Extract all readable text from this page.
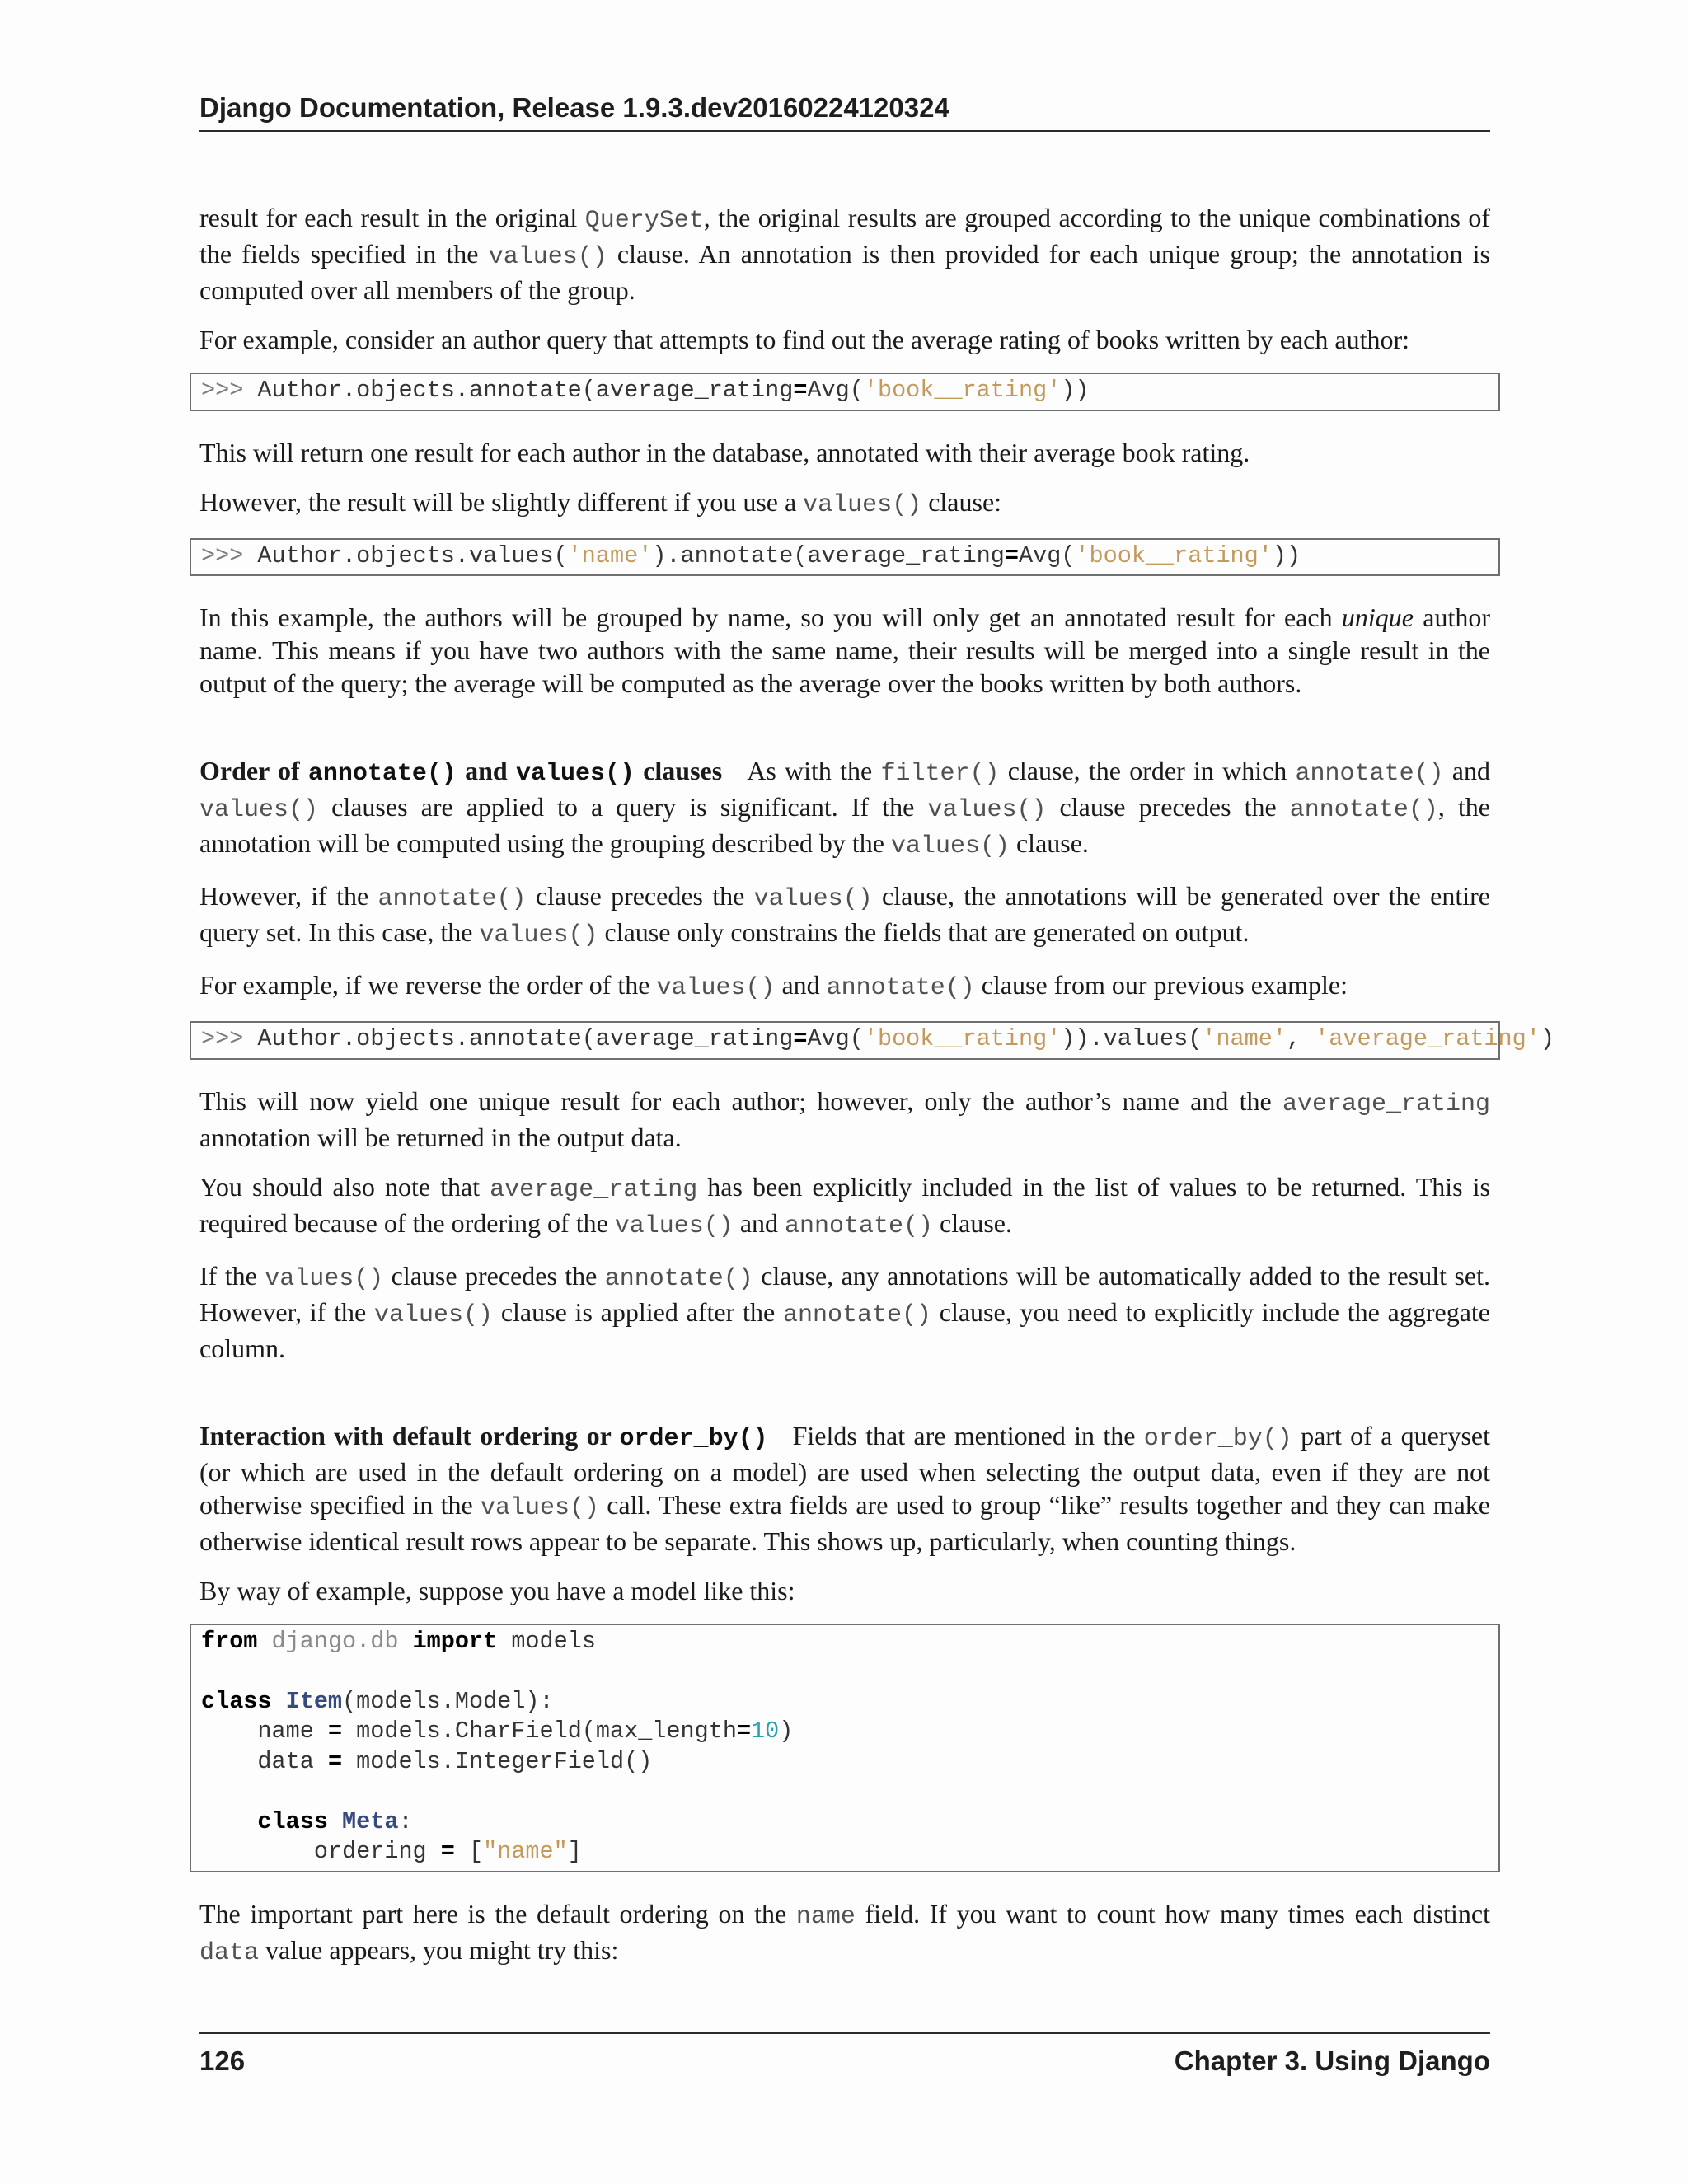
Django Documentation, Release 1.9.3.dev20160224120324

result for each result in the original QuerySet, the original results are grouped according to the unique combinations of the fields specified in the values() clause. An annotation is then provided for each unique group; the annotation is computed over all members of the group.

For example, consider an author query that attempts to find out the average rating of books written by each author:

>>> Author.objects.annotate(average_rating=Avg('book__rating'))

This will return one result for each author in the database, annotated with their average book rating.

However, the result will be slightly different if you use a values() clause:

>>> Author.objects.values('name').annotate(average_rating=Avg('book__rating'))

In this example, the authors will be grouped by name, so you will only get an annotated result for each unique author name. This means if you have two authors with the same name, their results will be merged into a single result in the output of the query; the average will be computed as the average over the books written by both authors.

Order of annotate() and values() clauses As with the filter() clause, the order in which annotate() and values() clauses are applied to a query is significant. If the values() clause precedes the annotate(), the annotation will be computed using the grouping described by the values() clause.

However, if the annotate() clause precedes the values() clause, the annotations will be generated over the entire query set. In this case, the values() clause only constrains the fields that are generated on output.

For example, if we reverse the order of the values() and annotate() clause from our previous example:

>>> Author.objects.annotate(average_rating=Avg('book__rating')).values('name', 'average_rating')

This will now yield one unique result for each author; however, only the author’s name and the average_rating annotation will be returned in the output data.

You should also note that average_rating has been explicitly included in the list of values to be returned. This is required because of the ordering of the values() and annotate() clause.

If the values() clause precedes the annotate() clause, any annotations will be automatically added to the result set. However, if the values() clause is applied after the annotate() clause, you need to explicitly include the aggregate column.

Interaction with default ordering or order_by() Fields that are mentioned in the order_by() part of a queryset (or which are used in the default ordering on a model) are used when selecting the output data, even if they are not otherwise specified in the values() call. These extra fields are used to group “like” results together and they can make otherwise identical result rows appear to be separate. This shows up, particularly, when counting things.

By way of example, suppose you have a model like this:

from django.db import models

class Item(models.Model):
name = models.CharField(max_length=10)
data = models.IntegerField()

class Meta:
ordering = ["name"]

The important part here is the default ordering on the name field. If you want to count how many times each distinct data value appears, you might try this:

126	Chapter 3. Using Django
